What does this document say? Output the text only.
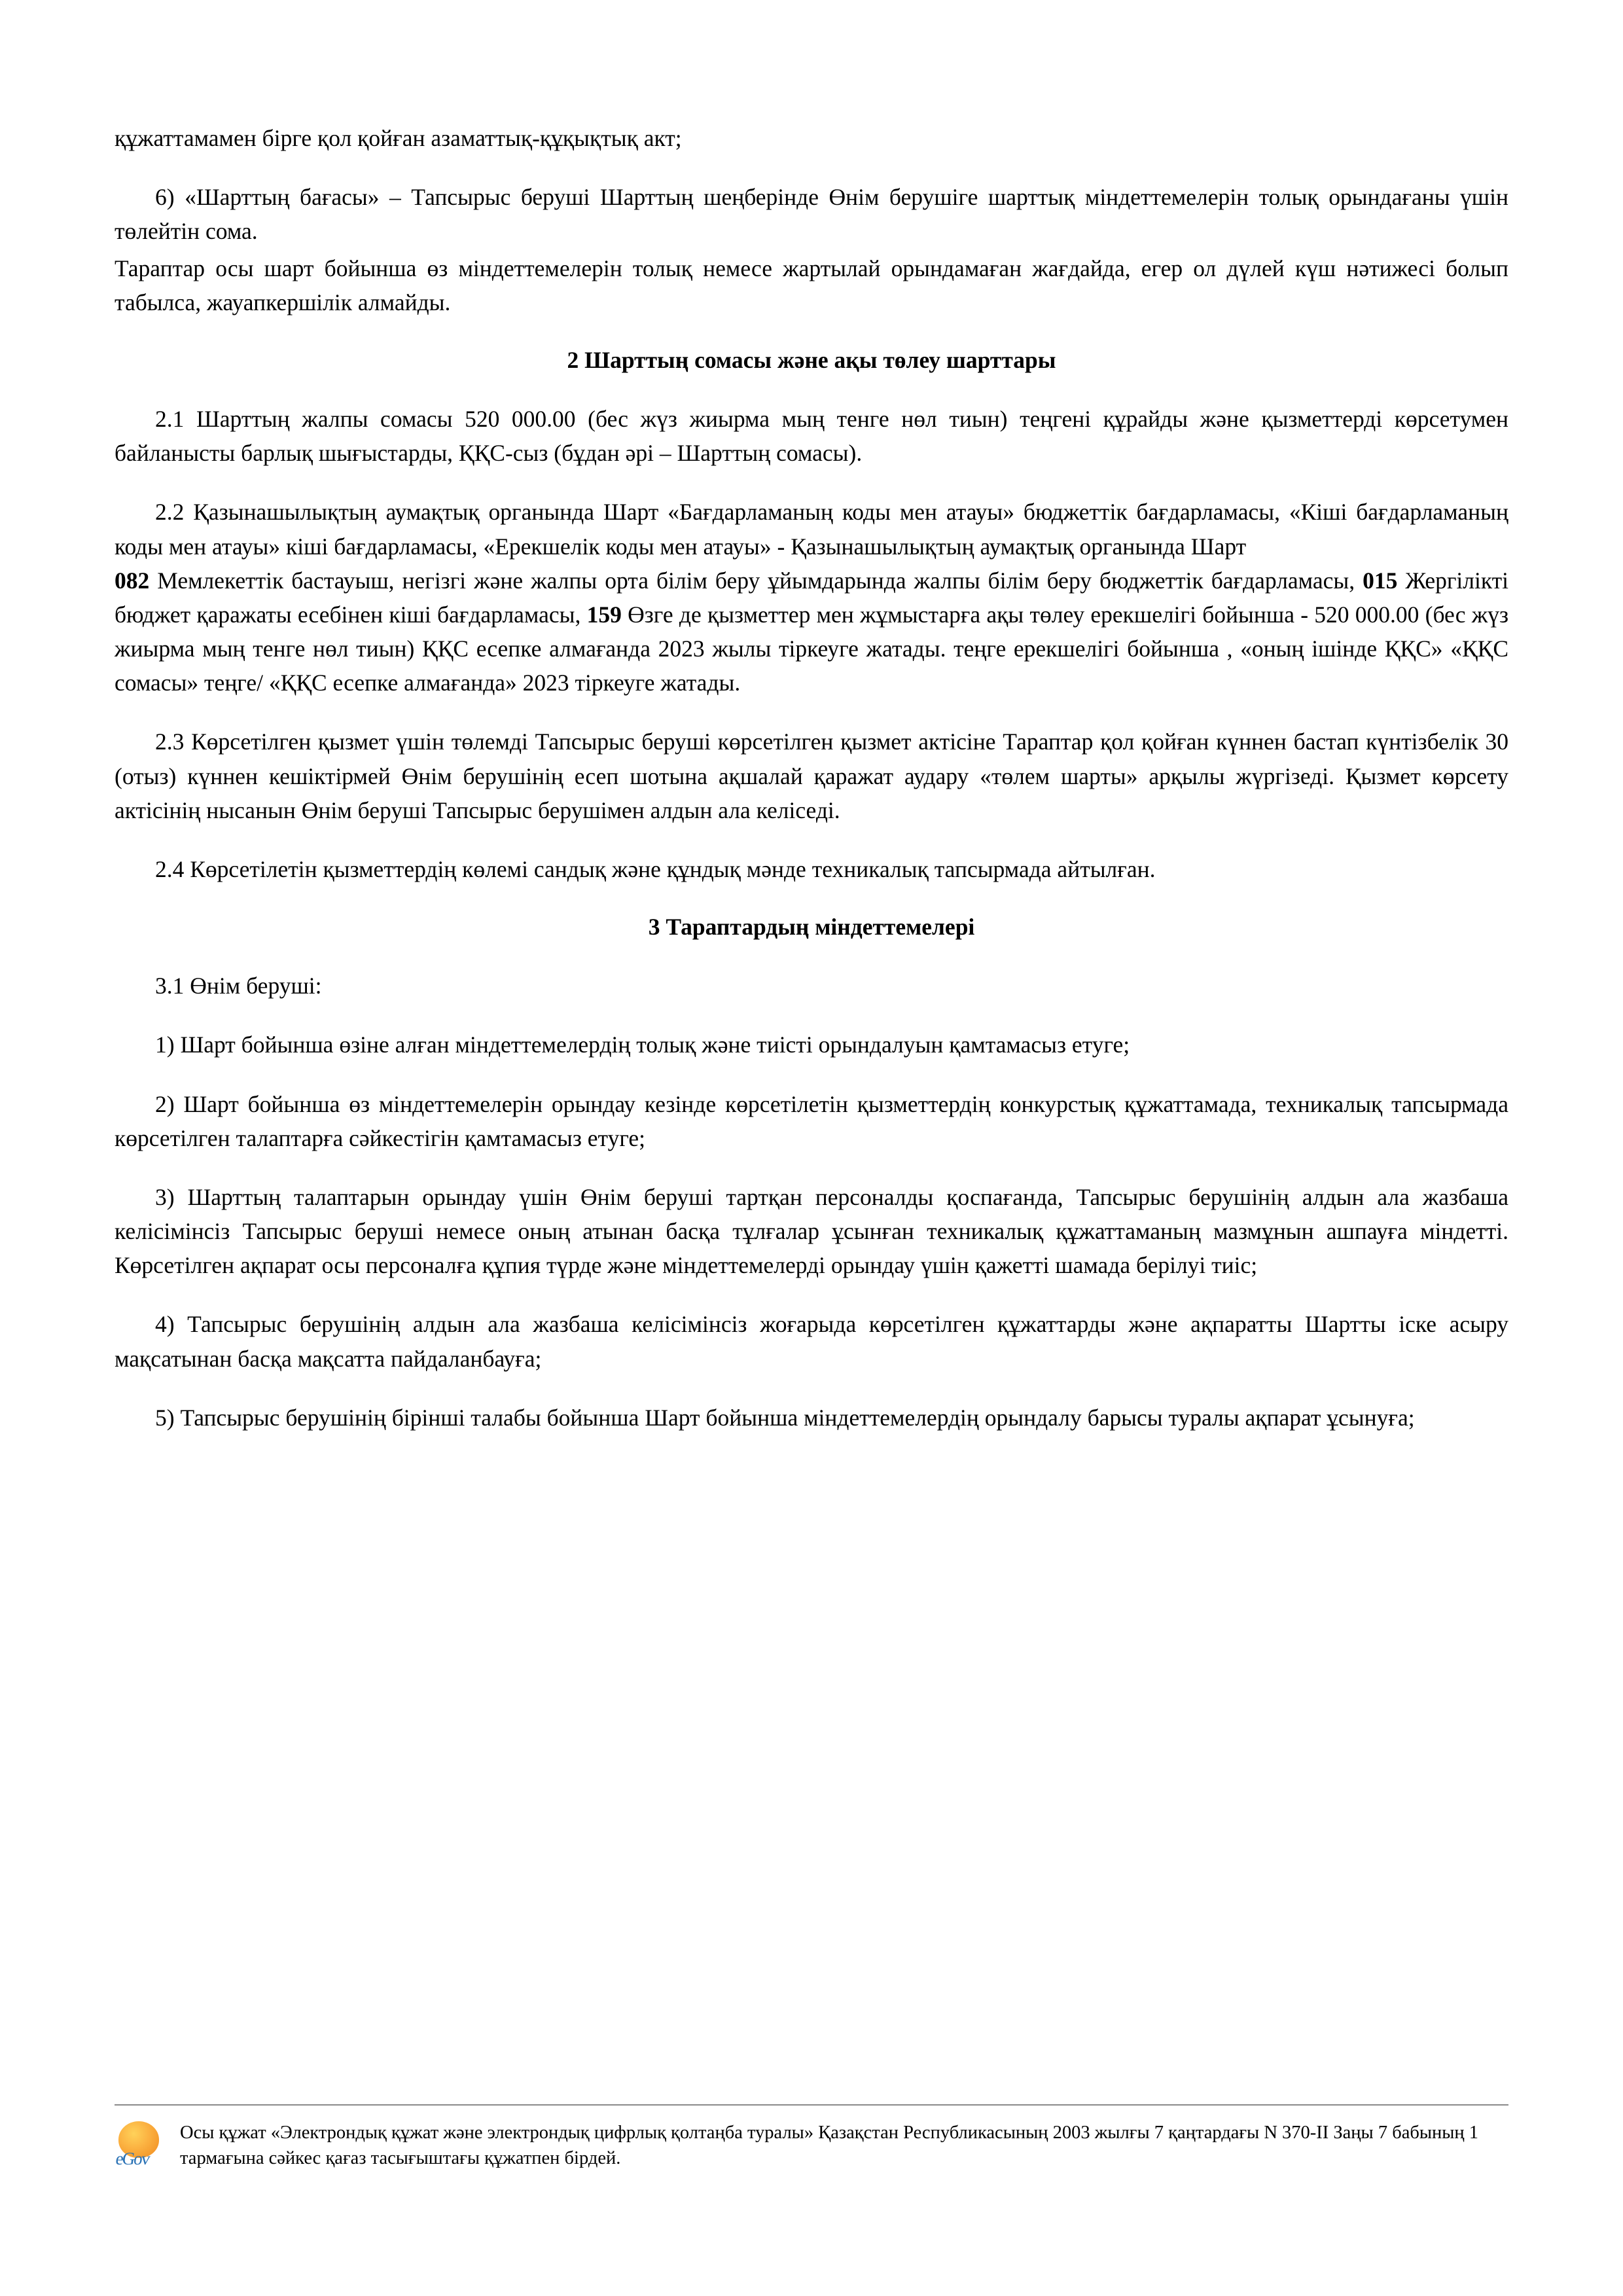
құжаттамамен бірге қол қойған азаматтық-құқықтық акт;

6) «Шарттың бағасы» – Тапсырыс беруші Шарттың шеңберінде Өнім берушіге шарттық міндеттемелерін толық орындағаны үшін төлейтін сома.

Тараптар осы шарт бойынша өз міндеттемелерін толық немесе жартылай орындамаған жағдайда, егер ол дүлей күш нәтижесі болып табылса, жауапкершілік алмайды.

2 Шарттың сомасы және ақы төлеу шарттары

2.1 Шарттың жалпы сомасы 520 000.00 (бес жүз жиырма мың тенге нөл тиын) теңгені құрайды және қызметтерді көрсетумен байланысты барлық шығыстарды, ҚҚС-сыз (бұдан әрі – Шарттың сомасы).

2.2 Қазынашылықтың аумақтық органында Шарт «Бағдарламаның коды мен атауы» бюджеттік бағдарламасы, «Кіші бағдарламаның коды мен атауы» кіші бағдарламасы, «Ерекшелік коды мен атауы» - Қазынашылықтың аумақтық органында Шарт
082 Мемлекеттік бастауыш, негізгі және жалпы орта білім беру ұйымдарында жалпы білім беру бюджеттік бағдарламасы, 015 Жергілікті бюджет қаражаты есебінен кіші бағдарламасы, 159 Өзге де қызметтер мен жұмыстарға ақы төлеу ерекшелігі бойынша - 520 000.00 (бес жүз жиырма мың тенге нөл тиын) ҚҚС есепке алмағанда 2023 жылы тіркеуге жатады. теңге ерекшелігі бойынша , «оның ішінде ҚҚС» «ҚҚС сомасы» теңге/ «ҚҚС есепке алмағанда» 2023 тіркеуге жатады.

2.3 Көрсетілген қызмет үшін төлемді Тапсырыс беруші көрсетілген қызмет актісіне Тараптар қол қойған күннен бастап күнтізбелік 30 (отыз) күннен кешіктірмей Өнім берушінің есеп шотына ақшалай қаражат аудару «төлем шарты» арқылы жүргізеді. Қызмет көрсету актісінің нысанын Өнім беруші Тапсырыс берушімен алдын ала келіседі.

2.4 Көрсетілетін қызметтердің көлемі сандық және құндық мәнде техникалық тапсырмада айтылған.

3 Тараптардың міндеттемелері

3.1 Өнім беруші:

1) Шарт бойынша өзіне алған міндеттемелердің толық және тиісті орындалуын қамтамасыз етуге;

2) Шарт бойынша өз міндеттемелерін орындау кезінде көрсетілетін қызметтердің конкурстық құжаттамада, техникалық тапсырмада көрсетілген талаптарға сәйкестігін қамтамасыз етуге;

3) Шарттың талаптарын орындау үшін Өнім беруші тартқан персоналды қоспағанда, Тапсырыс берушінің алдын ала жазбаша келісімінсіз Тапсырыс беруші немесе оның атынан басқа тұлғалар ұсынған техникалық құжаттаманың мазмұнын ашпауға міндетті. Көрсетілген ақпарат осы персоналға құпия түрде және міндеттемелерді орындау үшін қажетті шамада берілуі тиіс;

4) Тапсырыс берушінің алдын ала жазбаша келісімінсіз жоғарыда көрсетілген құжаттарды және ақпаратты Шартты іске асыру мақсатынан басқа мақсатта пайдаланбауға;

5) Тапсырыс берушінің бірінші талабы бойынша Шарт бойынша міндеттемелердің орындалу барысы туралы ақпарат ұсынуға;

eGov
Осы құжат «Электрондық құжат және электрондық цифрлық қолтаңба туралы» Қазақстан Республикасының 2003 жылғы 7 қаңтардағы N 370-II Заңы 7 бабының 1 тармағына сәйкес қағаз тасығыштағы құжатпен бірдей.
